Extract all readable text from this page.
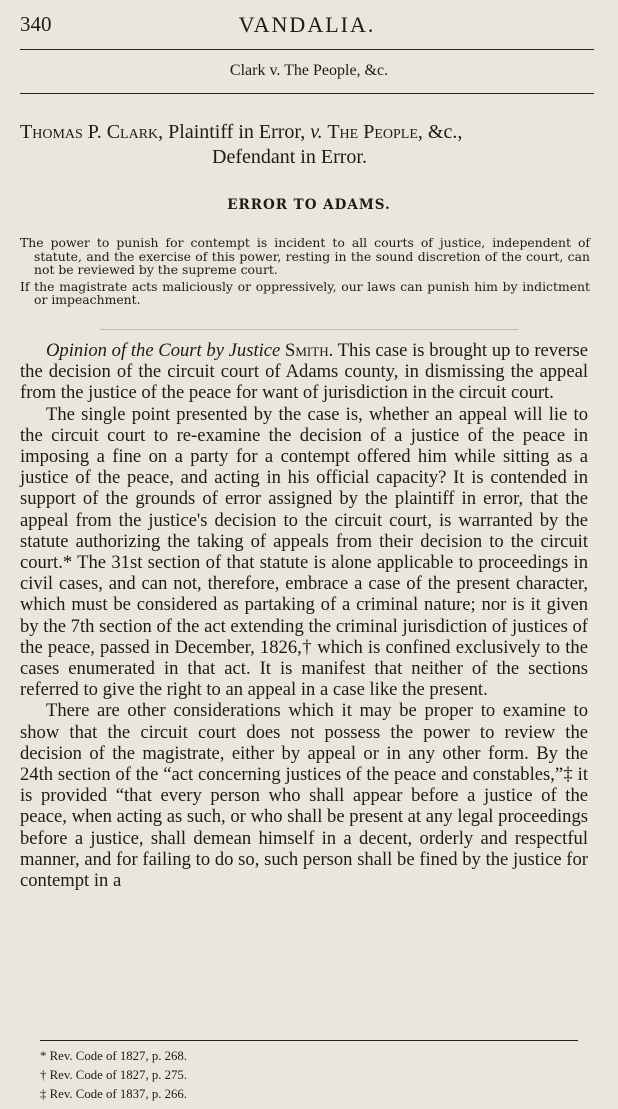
340	VANDALIA.
Clark v. The People, &c.
Thomas P. Clark, Plaintiff in Error, v. The People, &c.,
Defendant in Error.
ERROR TO ADAMS.

The power to punish for contempt is incident to all courts of justice, independent of statute, and the exercise of this power, resting in the sound discretion of the court, can not be reviewed by the supreme court.

If the magistrate acts maliciously or oppressively, our laws can punish him by indictment or impeachment.

Opinion of the Court by Justice Smith. This case is brought up to reverse the decision of the circuit court of Adams county, in dismissing the appeal from the justice of the peace for want of jurisdiction in the circuit court.

The single point presented by the case is, whether an appeal will lie to the circuit court to re-examine the decision of a justice of the peace in imposing a fine on a party for a contempt offered him while sitting as a justice of the peace, and acting in his official capacity? It is contended in support of the grounds of error assigned by the plaintiff in error, that the appeal from the justice's decision to the circuit court, is warranted by the statute authorizing the taking of appeals from their decision to the circuit court.* The 31st section of that statute is alone applicable to proceedings in civil cases, and can not, therefore, embrace a case of the present character, which must be considered as partaking of a criminal nature; nor is it given by the 7th section of the act extending the criminal jurisdiction of justices of the peace, passed in December, 1826,† which is confined exclusively to the cases enumerated in that act. It is manifest that neither of the sections referred to give the right to an appeal in a case like the present.

There are other considerations which it may be proper to examine to show that the circuit court does not possess the power to review the decision of the magistrate, either by appeal or in any other form. By the 24th section of the “act concerning justices of the peace and constables,”‡ it is provided “that every person who shall appear before a justice of the peace, when acting as such, or who shall be present at any legal proceedings before a justice, shall demean himself in a decent, orderly and respectful manner, and for failing to do so, such person shall be fined by the justice for contempt in a

* Rev. Code of 1827, p. 268.

† Rev. Code of 1827, p. 275.

‡ Rev. Code of 1837, p. 266.
